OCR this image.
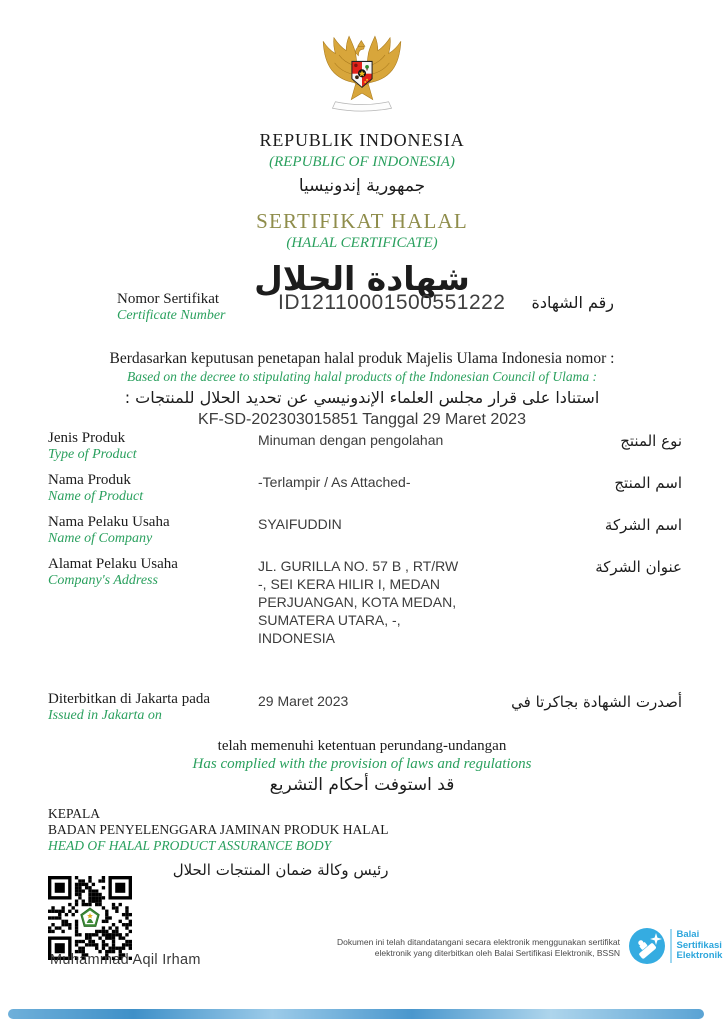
REPUBLIK INDONESIA
(REPUBLIC OF INDONESIA)
جمهورية إندونيسيا
SERTIFIKAT HALAL
(HALAL CERTIFICATE)
شهادة الحلال
Nomor Sertifikat
Certificate Number
ID12110001500551222 رقم الشهادة
Berdasarkan keputusan penetapan halal produk Majelis Ulama Indonesia nomor :
Based on the decree to stipulating halal products of the Indonesian Council of Ulama :
استنادا على قرار مجلس العلماء الإندونيسي عن تحديد الحلال للمنتجات :
KF-SD-202303015851 Tanggal 29 Maret 2023
Jenis Produk
Type of Product
Minuman dengan pengolahan	نوع المنتج
Nama Produk
Name of Product
-Terlampir / As Attached-	اسم المنتج
Nama Pelaku Usaha
Name of Company
SYAIFUDDIN	اسم الشركة
Alamat Pelaku Usaha
Company's Address
JL. GURILLA NO. 57 B , RT/RW -, SEI KERA HILIR I, MEDAN PERJUANGAN, KOTA MEDAN, SUMATERA UTARA, -, INDONESIA
عنوان الشركة
Diterbitkan di Jakarta pada
Issued in Jakarta on
29 Maret 2023	أصدرت الشهادة بجاكرتا في
telah memenuhi ketentuan perundang-undangan
Has complied with the provision of laws and regulations
قد استوفت أحكام التشريع
KEPALA
BADAN PENYELENGGARA JAMINAN PRODUK HALAL
HEAD OF HALAL PRODUCT ASSURANCE BODY
رئيس وكالة ضمان المنتجات الحلال
Muhammad Aqil Irham
Dokumen ini telah ditandatangani secara elektronik menggunakan sertifikat
elektronik yang diterbitkan oleh Balai Sertifikasi Elektronik, BSSN
Balai
Sertifikasi
Elektronik
